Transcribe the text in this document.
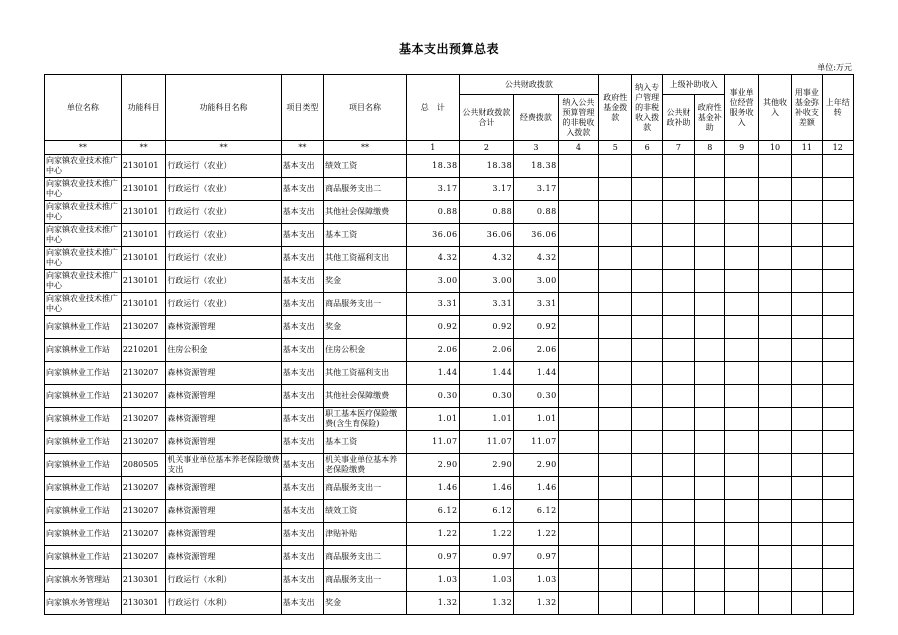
基本支出预算总表
单位:万元
单位名称	功能科目	功能科目名称	项目类型	项目名称	总　计	公共财政拨款			政府性基金拨款	纳入专户管理的非税收入拨款	上级补助收入		事业单位经营服务收入	其他收入	用事业基金弥补收支差额	上年结转
						公共财政拨款合计	经费拨款	纳入公共预算管理的非税收入拨款			公共财政补助	政府性基金补助				
**	**	**	**	**	1	2	3	4	5	6	7	8	9	10	11	12
向家镇农业技术推广中心	2130101	行政运行（农业）	基本支出	绩效工资	18.38	18.38	18.38									
向家镇农业技术推广中心	2130101	行政运行（农业）	基本支出	商品服务支出二	3.17	3.17	3.17									
向家镇农业技术推广中心	2130101	行政运行（农业）	基本支出	其他社会保障缴费	0.88	0.88	0.88									
向家镇农业技术推广中心	2130101	行政运行（农业）	基本支出	基本工资	36.06	36.06	36.06									
向家镇农业技术推广中心	2130101	行政运行（农业）	基本支出	其他工资福利支出	4.32	4.32	4.32									
向家镇农业技术推广中心	2130101	行政运行（农业）	基本支出	奖金	3.00	3.00	3.00									
向家镇农业技术推广中心	2130101	行政运行（农业）	基本支出	商品服务支出一	3.31	3.31	3.31									
向家镇林业工作站	2130207	森林资源管理	基本支出	奖金	0.92	0.92	0.92									
向家镇林业工作站	2210201	住房公积金	基本支出	住房公积金	2.06	2.06	2.06									
向家镇林业工作站	2130207	森林资源管理	基本支出	其他工资福利支出	1.44	1.44	1.44									
向家镇林业工作站	2130207	森林资源管理	基本支出	其他社会保障缴费	0.30	0.30	0.30									
向家镇林业工作站	2130207	森林资源管理	基本支出	职工基本医疗保险缴费(含生育保险)	1.01	1.01	1.01									
向家镇林业工作站	2130207	森林资源管理	基本支出	基本工资	11.07	11.07	11.07									
向家镇林业工作站	2080505	机关事业单位基本养老保险缴费支出	基本支出	机关事业单位基本养老保险缴费	2.90	2.90	2.90									
向家镇林业工作站	2130207	森林资源管理	基本支出	商品服务支出一	1.46	1.46	1.46									
向家镇林业工作站	2130207	森林资源管理	基本支出	绩效工资	6.12	6.12	6.12									
向家镇林业工作站	2130207	森林资源管理	基本支出	津贴补贴	1.22	1.22	1.22									
向家镇林业工作站	2130207	森林资源管理	基本支出	商品服务支出二	0.97	0.97	0.97									
向家镇水务管理站	2130301	行政运行（水利）	基本支出	商品服务支出一	1.03	1.03	1.03									
向家镇水务管理站	2130301	行政运行（水利）	基本支出	奖金	1.32	1.32	1.32									
